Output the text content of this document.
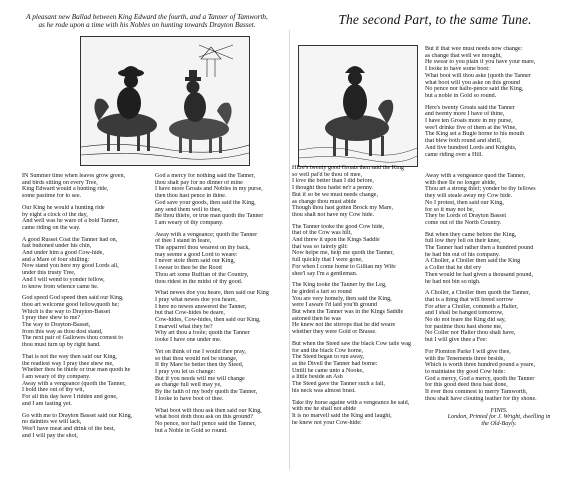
A pleasant new Ballad between King Edward the fourth, and a Tanner of Tamworth,
as he rode upon a time with his Nobles on hunting towards Drayton Basset.	The second Part, to the same Tune.
IN Summer time when leaves grow green,
and birds sitting on every Tree,
King Edward would a hunting ride,
some pastime for to see.
Our King he would a hunting ride
by eight a clock of the day,
And well was he ware of a bold Tanner,
came riding on the way.
A good Russet Coat the Tanner had on,
fast buttoned under his chin,
And under him a good Cow-hide,
and a Mare of four shilling:
Now stand you here my good Lords all,
under this trusty Tree,
And I will wend to yonder fellow,
to know from whence came he.
God speed God speed then said our King,
thou art welcome good fellow,quoth he;
Which is the way to Drayton-Basset
I pray thee shew to me?
The way to Drayton-Basset,
from this way as thou dost stand,
The next pair of Gallowes thou comest to
thou must turn up by right hand.
That is not the way then said our King,
the readiest way I pray thee shew me,
Whether thou be thiefe or true man quoth he
I am weary of thy company.
Away with a vengeance (quoth the Tanner,
I hold thee out of thy wit,
For all this day have I ridden and gone,
and I am fasting yet.
Go with me to Drayton Basset said our King,
no dainties we will lack,
Wee'l have meat and drink of the best,
and I will pay the shot,
God a mercy for nothing said the Tanner,
thou shalt pay for no dinner of mine
I have more Groats and Nobles in my purse,
then thou hast pence in thine.
God save your goods, then said the King,
any send them well to thee,
Be thou thiefe, or true man quoth the Tanner
I am weary of thy company.
Away with a vengeance; quoth the Tanner
of thee I stand in feare,
The apparrel thou wearest on thy back,
may seeme a good Lord to weare:
I never stole them said our King,
I swear to thee be the Rood
Thou art some Ruffian of the Country,
thou ridest in the midst of thy good.
What newes doe you heare, then said our King
I pray what newes doe you heare,
I here no newes answered the Tanner,
but that Cow-hides be deare,
Cow-hides, Cow-hides, then said our King,
I marvell what they be?
Why art thou a foole; quoth the Tanner
looke I have one under me.
Yet on think of me I would thee pray,
so that thou would not be strange,
If thy Mare be better then thy Steed,
I pray you let us change:
But if you needs will me will change
as change full well may ye,
By the faith of my body quoth the Tanner,
I looke to have boot of thee.
What boot wilt thou ask then said our King,
what boot doth thou ask on this ground?
No pence, nor half pence said the Tanner,
but a Noble in Gold so round.
HEre's twenty good Groats then said the King
so well pai'd be thou of mee,
I love the better than I did before,
I thought thou hadst ne'r a penny.
But if so be we must needs change,
as change thou must abide
Though thou hast gotten Brock my Mare,
thou shalt not have my Cow hide.
The Tanner tooke the good Cow hide,
that of the Cow was hilt,
And threw it upon the Kings Saddle
that was so fairely gilt:
Now helpe me, help me quoth the Tanner,
full quickly that I were gone,
For when I come home to Gillian my Wife
shee'l say I'm a gentleman.
The King tooke the Tanner by the Leg,
he girded a fart so round
You are very homely, then said the King,
were I aware I'd laid you'th ground
But when the Tanner was in the Kings Saddle
astoned then he was
He knew not the stirrops that he did weare
whether they were Gold or Brasse.
But when the Steed saw the black Cow taile wag
for and the black Cow horne,
The Steed began to run away,
as the Divell the Tanner had borne:
Untill he came unto a Nooke,
a little beside an Ash
The Steed gave the Tanner such a fall,
his neck was almost brast.
Take thy horse againe with a vengeance he said,
with me he shall not abide
It is no marvell said the King and laught,
he knew not your Cow-hide:
But if that wee must needs now change:
as change that well we mought,
He swear to you plain if you have your mare,
I looke to have some boot:
What boot will thou aske (quoth the Tanner
what boot will you aske on this ground
No pence nor halfe-pence said the King,
but a noble in Gold so round.
Here's twenty Groats said the Tanner
and twenty more I have of thine,
I have ten Groats more in my purse,
wee'l drinke five of them at the Wine,
The King set a Bugle horne to his mouth
that blew both round and shrill,
And five hundred Lords and Knights,
came riding over a Hill.
Away with a vengeance quod the Tanner,
with thee Ile no longer abide,
Thou art a strong thief; yonder be thy fellows
they will steale away my Cow hide.
No I protest, then said our King,
for so it may not be,
They be Lords of Drayton Basset
come out of the North Country.
But when they came before the King,
full low they fell on their knee,
The Tanner had rather then a hundred pound
he had bin out of his company.
A Choller, a Choller then said the King
a Coller that he did ery
Then would he had given a thousand pound,
he had not bin so nigh.
A Choller, a Choller then quoth the Tanner,
that is a thing that will breed sorrow
For after a Choller, commeth a Halter,
and I shall be hanged tomorrow,
No do not feare the King did say,
for pastime thou hast shone me,
No Coller nor Halter thou shalt have,
but I will give thee a Fee:
For Plomton Parke I will give thee,
with the Tenements three beside,
Which is worth three hundred pound a yeare,
to maintaine thy good Cow hide:
God a mercy, God a mercy, quoth the Tanner
for this good deed thou hast done,
If ever thou commest to merry Tamworth,
thou shalt have clouting leather for thy shone.
FINIS.
London, Printed for J. Wright, dwelling in
the Old-Bayly.
